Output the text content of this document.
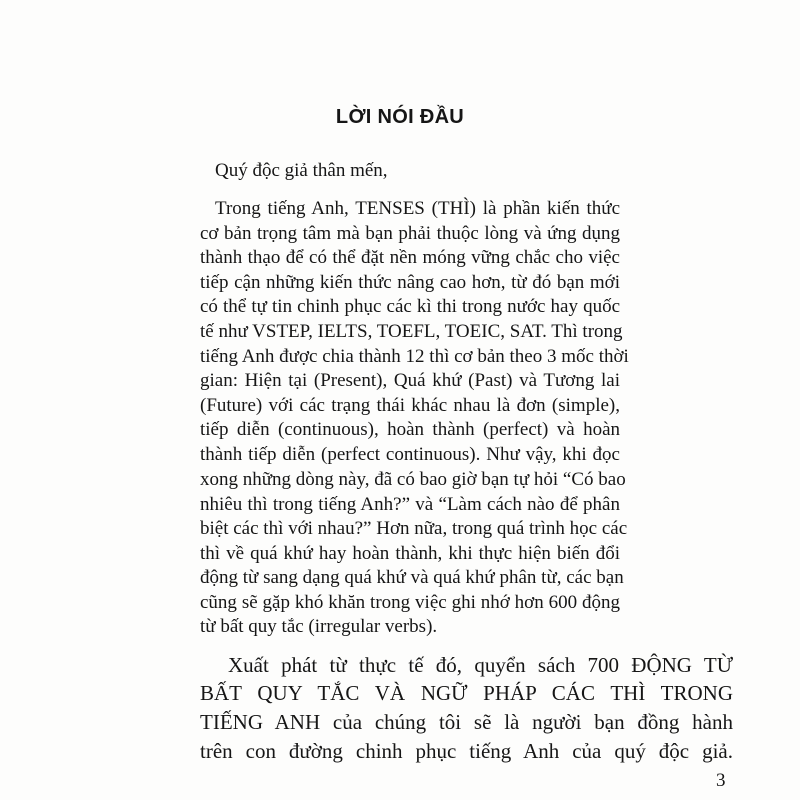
LỜI NÓI ĐẦU
Quý độc giả thân mến,
Trong tiếng Anh, TENSES (THÌ) là phần kiến thức
cơ bản trọng tâm mà bạn phải thuộc lòng và ứng dụng
thành thạo để có thể đặt nền móng vững chắc cho việc
tiếp cận những kiến thức nâng cao hơn, từ đó bạn mới
có thể tự tin chinh phục các kì thi trong nước hay quốc
tế như VSTEP, IELTS, TOEFL, TOEIC, SAT. Thì trong
tiếng Anh được chia thành 12 thì cơ bản theo 3 mốc thời
gian: Hiện tại (Present), Quá khứ (Past) và Tương lai
(Future) với các trạng thái khác nhau là đơn (simple),
tiếp diễn (continuous), hoàn thành (perfect) và hoàn
thành tiếp diễn (perfect continuous). Như vậy, khi đọc
xong những dòng này, đã có bao giờ bạn tự hỏi “Có bao
nhiêu thì trong tiếng Anh?” và “Làm cách nào để phân
biệt các thì với nhau?” Hơn nữa, trong quá trình học các
thì về quá khứ hay hoàn thành, khi thực hiện biến đổi
động từ sang dạng quá khứ và quá khứ phân từ, các bạn
cũng sẽ gặp khó khăn trong việc ghi nhớ hơn 600 động
từ bất quy tắc (irregular verbs).
Xuất phát từ thực tế đó, quyển sách 700 ĐỘNG TỪ
BẤT QUY TẮC VÀ NGỮ PHÁP CÁC THÌ TRONG
TIẾNG ANH của chúng tôi sẽ là người bạn đồng hành
trên con đường chinh phục tiếng Anh của quý độc giả.
3
